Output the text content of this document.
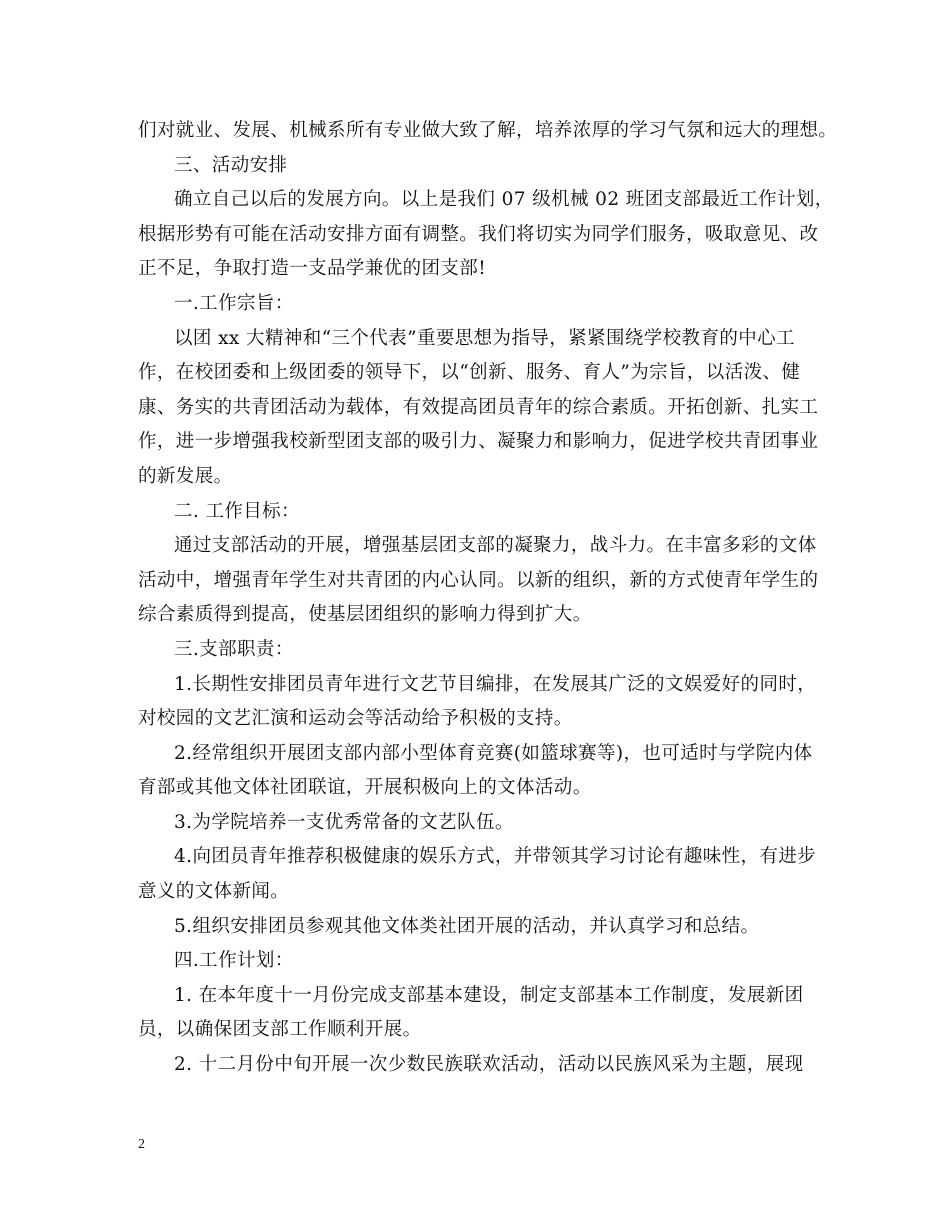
们对就业、发展、机械系所有专业做大致了解，培养浓厚的学习气氛和远大的理想。

三、活动安排

确立自己以后的发展方向。以上是我们 07 级机械 02 班团支部最近工作计划，

根据形势有可能在活动安排方面有调整。我们将切实为同学们服务，吸取意见、改

正不足，争取打造一支品学兼优的团支部!

一.工作宗旨：

以团 xx 大精神和“三个代表”重要思想为指导，紧紧围绕学校教育的中心工

作，在校团委和上级团委的领导下，以“创新、服务、育人”为宗旨，以活泼、健

康、务实的共青团活动为载体，有效提高团员青年的综合素质。开拓创新、扎实工

作，进一步增强我校新型团支部的吸引力、凝聚力和影响力，促进学校共青团事业

的新发展。

二. 工作目标：

通过支部活动的开展，增强基层团支部的凝聚力，战斗力。在丰富多彩的文体

活动中，增强青年学生对共青团的内心认同。以新的组织，新的方式使青年学生的

综合素质得到提高，使基层团组织的影响力得到扩大。

三.支部职责：

1.长期性安排团员青年进行文艺节目编排，在发展其广泛的文娱爱好的同时，

对校园的文艺汇演和运动会等活动给予积极的支持。

2.经常组织开展团支部内部小型体育竞赛(如篮球赛等)，也可适时与学院内体

育部或其他文体社团联谊，开展积极向上的文体活动。

3.为学院培养一支优秀常备的文艺队伍。

4.向团员青年推荐积极健康的娱乐方式，并带领其学习讨论有趣味性，有进步

意义的文体新闻。

5.组织安排团员参观其他文体类社团开展的活动，并认真学习和总结。

四.工作计划：

1. 在本年度十一月份完成支部基本建设，制定支部基本工作制度，发展新团

员，以确保团支部工作顺利开展。

2. 十二月份中旬开展一次少数民族联欢活动，活动以民族风采为主题，展现

2
